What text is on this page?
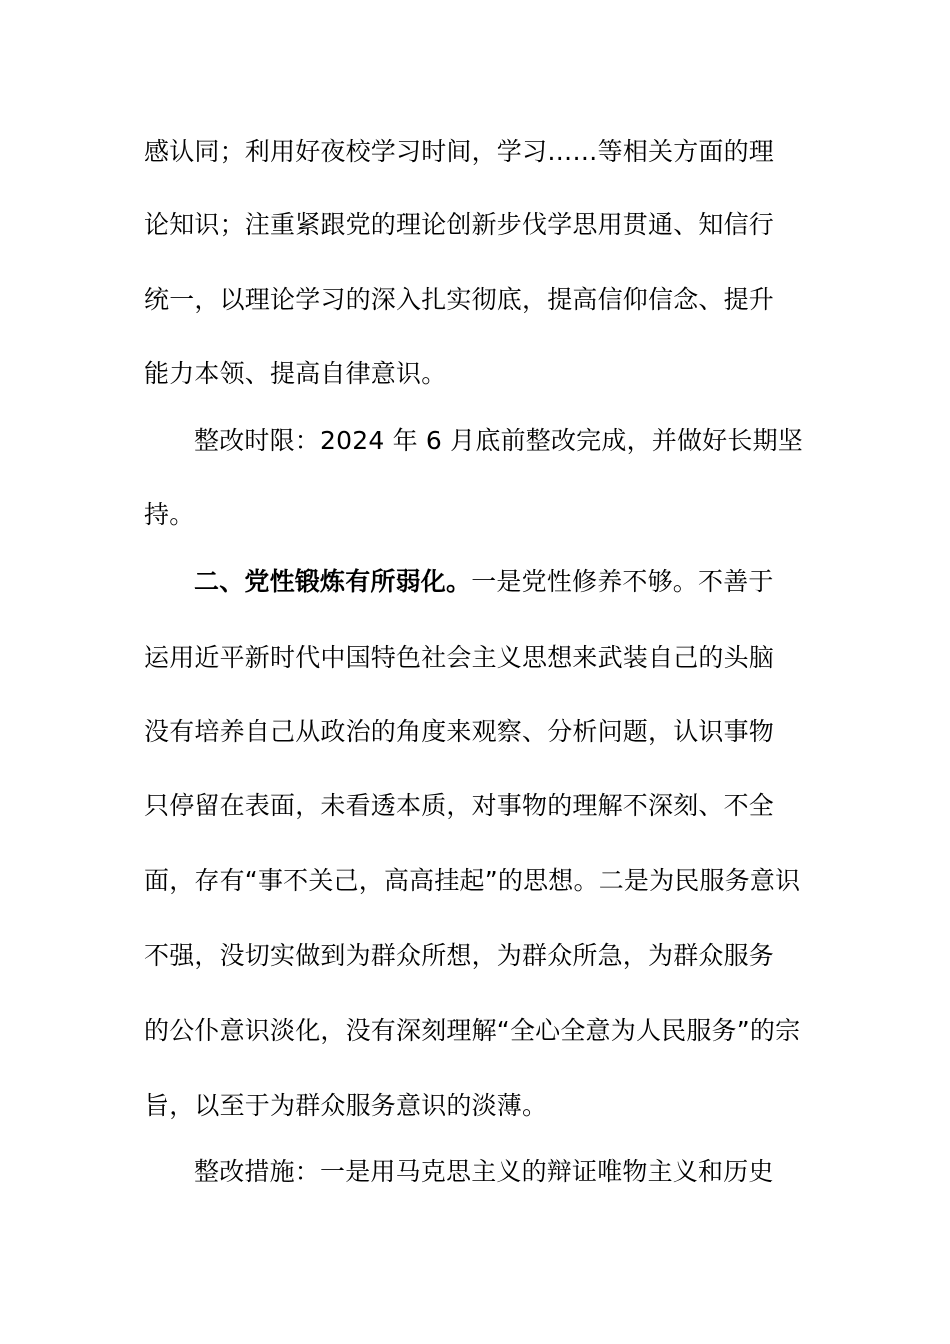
感认同；利用好夜校学习时间，学习……等相关方面的理
论知识；注重紧跟党的理论创新步伐学思用贯通、知信行
统一，以理论学习的深入扎实彻底，提高信仰信念、提升
能力本领、提高自律意识。
整改时限：2024 年 6 月底前整改完成，并做好长期坚
持。
二、党性锻炼有所弱化。一是党性修养不够。不善于
运用近平新时代中国特色社会主义思想来武装自己的头脑
没有培养自己从政治的角度来观察、分析问题，认识事物
只停留在表面，未看透本质，对事物的理解不深刻、不全
面，存有“事不关己，高高挂起”的思想。二是为民服务意识
不强，没切实做到为群众所想，为群众所急，为群众服务
的公仆意识淡化，没有深刻理解“全心全意为人民服务”的宗
旨，以至于为群众服务意识的淡薄。
整改措施：一是用马克思主义的辩证唯物主义和历史
